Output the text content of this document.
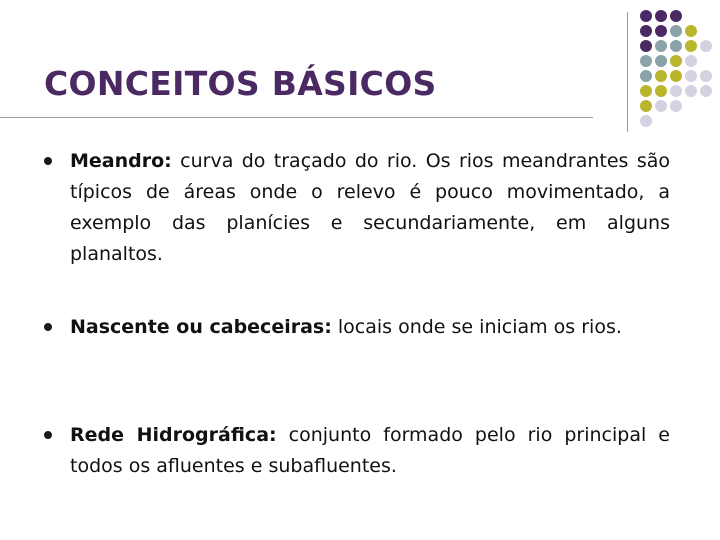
CONCEITOS BÁSICOS

Meandro: curva do traçado do rio. Os rios meandrantes são típicos de áreas onde o relevo é pouco movimentado, a exemplo das planícies e secundariamente, em alguns planaltos.

Nascente ou cabeceiras: locais onde se iniciam os rios.

Rede Hidrográfica: conjunto formado pelo rio principal e todos os afluentes e subafluentes.
